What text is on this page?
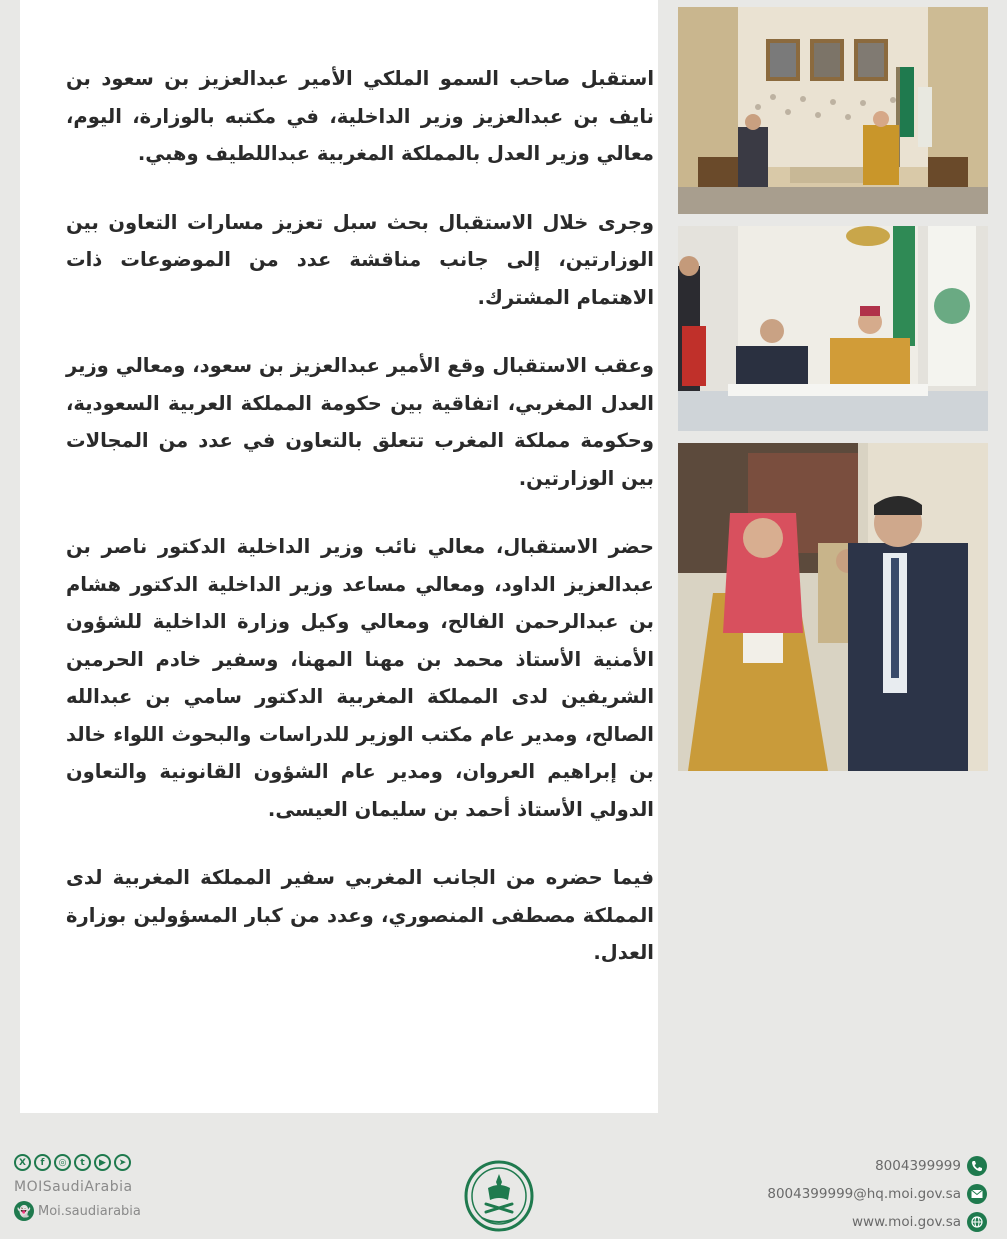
استقبل صاحب السمو الملكي الأمير عبدالعزيز بن سعود بن نايف بن عبدالعزيز وزير الداخلية، في مكتبه بالوزارة، اليوم، معالي وزير العدل بالمملكة المغربية عبداللطيف وهبي.

وجرى خلال الاستقبال بحث سبل تعزيز مسارات التعاون بين الوزارتين، إلى جانب مناقشة عدد من الموضوعات ذات الاهتمام المشترك.

وعقب الاستقبال وقع الأمير عبدالعزيز بن سعود، ومعالي وزير العدل المغربي، اتفاقية بين حكومة المملكة العربية السعودية، وحكومة مملكة المغرب تتعلق بالتعاون في عدد من المجالات بين الوزارتين.

حضر الاستقبال، معالي نائب وزير الداخلية الدكتور ناصر بن عبدالعزيز الداود، ومعالي مساعد وزير الداخلية الدكتور هشام بن عبدالرحمن الفالح، ومعالي وكيل وزارة الداخلية للشؤون الأمنية الأستاذ محمد بن مهنا المهنا، وسفير خادم الحرمين الشريفين لدى المملكة المغربية الدكتور سامي بن عبدالله الصالح، ومدير عام مكتب الوزير للدراسات والبحوث اللواء خالد بن إبراهيم العروان، ومدير عام الشؤون القانونية والتعاون الدولي الأستاذ أحمد بن سليمان العيسى.

فيما حضره من الجانب المغربي سفير المملكة المغربية لدى المملكة مصطفى المنصوري، وعدد من كبار المسؤولين بوزارة العدل.

X	f	◎	t	▶	➤
MOISaudiArabia
👻 Moi.saudiarabia
8004399999
8004399999@hq.moi.gov.sa
www.moi.gov.sa
